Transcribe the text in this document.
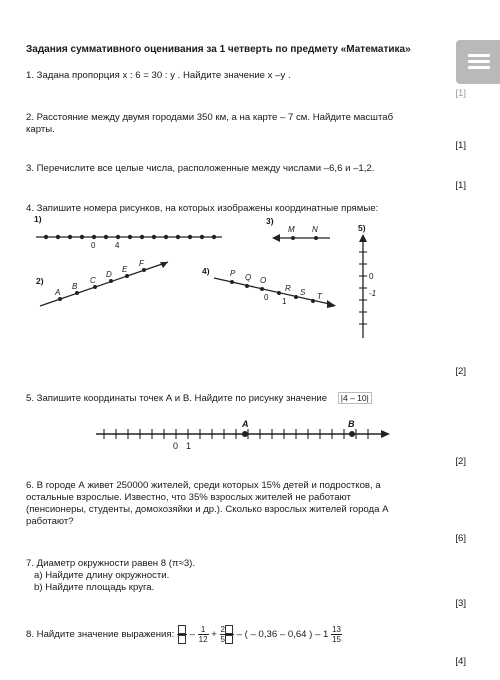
Задания суммативного оценивания за 1 четверть по предмету «Математика»
1. Задана пропорция x : 6 = 30 : y . Найдите значение x –y .
[1]
2. Расстояние между двумя городами 350 км, а на карте – 7 см. Найдите масштаб
карты.
[1]
3. Перечислите все целые числа, расположенные между числами –6,6 и –1,2.
[1]
4. Запишите номера рисунков, на которых изображены координатные прямые:
1)
0 4
2)
A
B
C
D
E
F
3)
M N
4)	P Q O
R S T
0 1
5)
0
-1
[2]
5. Запишите координаты точек А и В. Найдите по рисунку значение |4 – 10|
0 1
A	B
[2]
6. В городе А живет 250000 жителей, среди которых 15% детей и подростков, а
остальные взрослые. Известно, что 35% взрослых жителей не работают
(пенсионеры, студенты, домохозяйки и др.). Сколько взрослых жителей города А
работают?
[6]
7. Диаметр окружности равен 8 (π≈3).
a) Найдите длину окружности.
b) Найдите площадь круга.
[3]
8. Найдите значение выражения: – $\frac{1}{12} + \frac{2}{5}$ – ( – 0,36 – 0,64 ) – $1 \frac{13}{15}$
[4]
